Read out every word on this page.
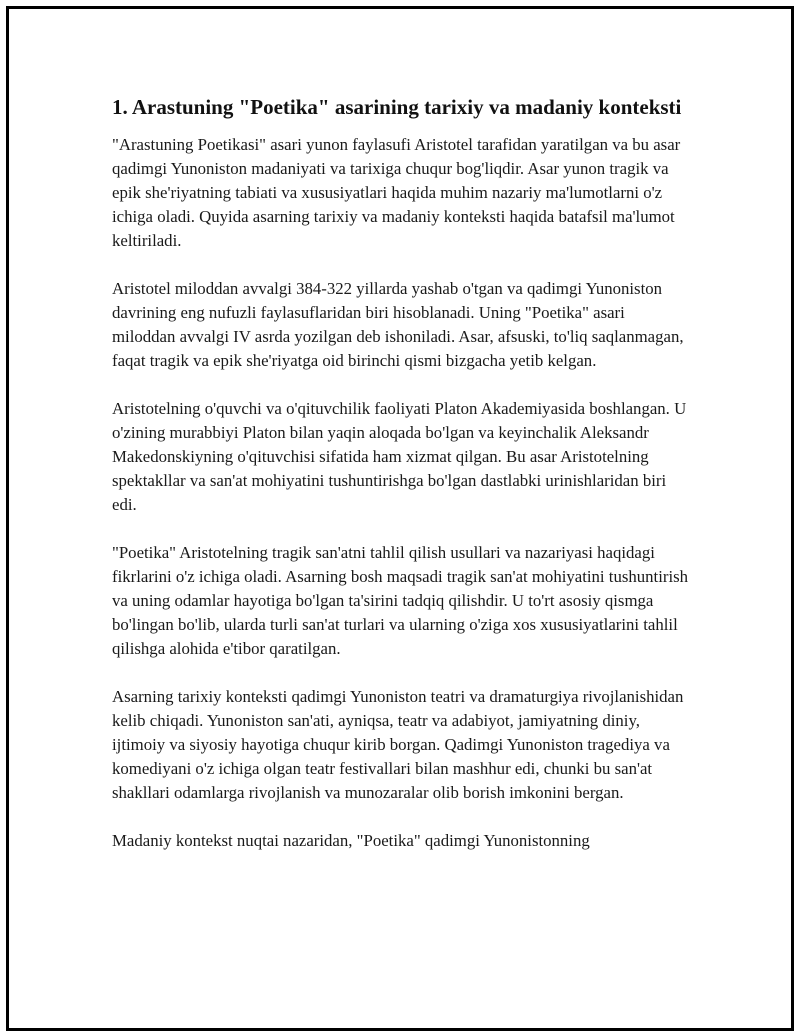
1. Arastuning "Poetika" asarining tarixiy va madaniy konteksti

"Arastuning Poetikasi" asari yunon faylasufi Aristotel tarafidan yaratilgan va bu asar qadimgi Yunoniston madaniyati va tarixiga chuqur bog'liqdir. Asar yunon tragik va epik she'riyatning tabiati va xususiyatlari haqida muhim nazariy ma'lumotlarni o'z ichiga oladi. Quyida asarning tarixiy va madaniy konteksti haqida batafsil ma'lumot keltiriladi.

Aristotel miloddan avvalgi 384-322 yillarda yashab o'tgan va qadimgi Yunoniston davrining eng nufuzli faylasuflaridan biri hisoblanadi. Uning "Poetika" asari miloddan avvalgi IV asrda yozilgan deb ishoniladi. Asar, afsuski, to'liq saqlanmagan, faqat tragik va epik she'riyatga oid birinchi qismi bizgacha yetib kelgan.

Aristotelning o'quvchi va o'qituvchilik faoliyati Platon Akademiyasida boshlangan. U o'zining murabbiyi Platon bilan yaqin aloqada bo'lgan va keyinchalik Aleksandr Makedonskiyning o'qituvchisi sifatida ham xizmat qilgan. Bu asar Aristotelning spektakllar va san'at mohiyatini tushuntirishga bo'lgan dastlabki urinishlaridan biri edi.

"Poetika" Aristotelning tragik san'atni tahlil qilish usullari va nazariyasi haqidagi fikrlarini o'z ichiga oladi. Asarning bosh maqsadi tragik san'at mohiyatini tushuntirish va uning odamlar hayotiga bo'lgan ta'sirini tadqiq qilishdir. U to'rt asosiy qismga bo'lingan bo'lib, ularda turli san'at turlari va ularning o'ziga xos xususiyatlarini tahlil qilishga alohida e'tibor qaratilgan.

Asarning tarixiy konteksti qadimgi Yunoniston teatri va dramaturgiya rivojlanishidan kelib chiqadi. Yunoniston san'ati, ayniqsa, teatr va adabiyot, jamiyatning diniy, ijtimoiy va siyosiy hayotiga chuqur kirib borgan. Qadimgi Yunoniston tragediya va komediyani o'z ichiga olgan teatr festivallari bilan mashhur edi, chunki bu san'at shakllari odamlarga rivojlanish va munozaralar olib borish imkonini bergan.

Madaniy kontekst nuqtai nazaridan, "Poetika" qadimgi Yunonistonning
